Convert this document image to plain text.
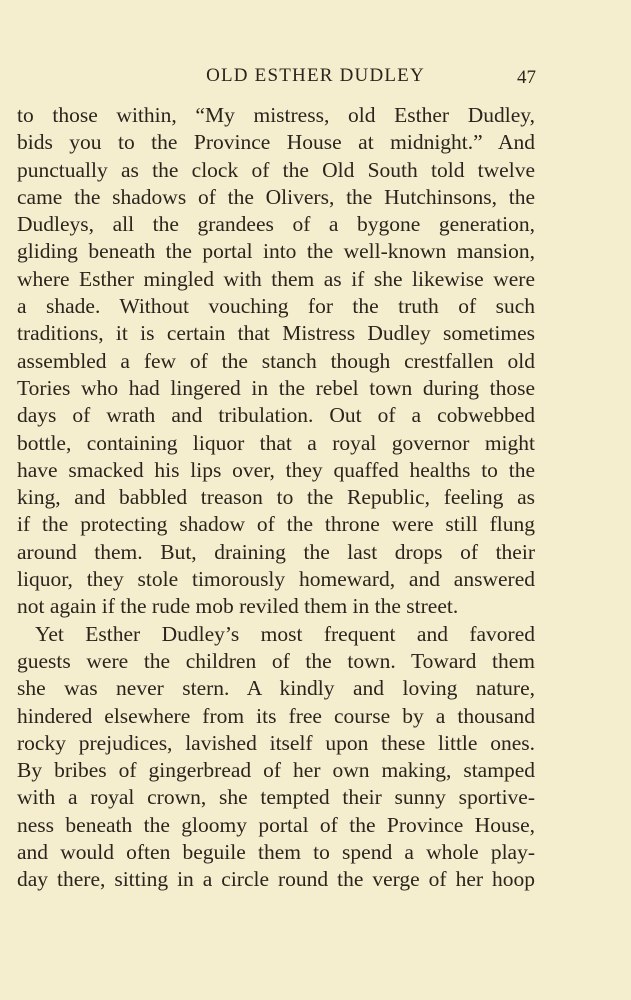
OLD ESTHER DUDLEY	47
to those within, “My mistress, old Esther Dudley,
bids you to the Province House at midnight.” And
punctually as the clock of the Old South told twelve
came the shadows of the Olivers, the Hutchinsons, the
Dudleys, all the grandees of a bygone generation,
gliding beneath the portal into the well-known mansion,
where Esther mingled with them as if she likewise were
a shade. Without vouching for the truth of such
traditions, it is certain that Mistress Dudley sometimes
assembled a few of the stanch though crestfallen old
Tories who had lingered in the rebel town during those
days of wrath and tribulation. Out of a cobwebbed
bottle, containing liquor that a royal governor might
have smacked his lips over, they quaffed healths to the
king, and babbled treason to the Republic, feeling as
if the protecting shadow of the throne were still flung
around them. But, draining the last drops of their
liquor, they stole timorously homeward, and answered
not again if the rude mob reviled them in the street.
Yet Esther Dudley’s most frequent and favored
guests were the children of the town. Toward them
she was never stern. A kindly and loving nature,
hindered elsewhere from its free course by a thousand
rocky prejudices, lavished itself upon these little ones.
By bribes of gingerbread of her own making, stamped
with a royal crown, she tempted their sunny sportive-
ness beneath the gloomy portal of the Province House,
and would often beguile them to spend a whole play-
day there, sitting in a circle round the verge of her hoop
